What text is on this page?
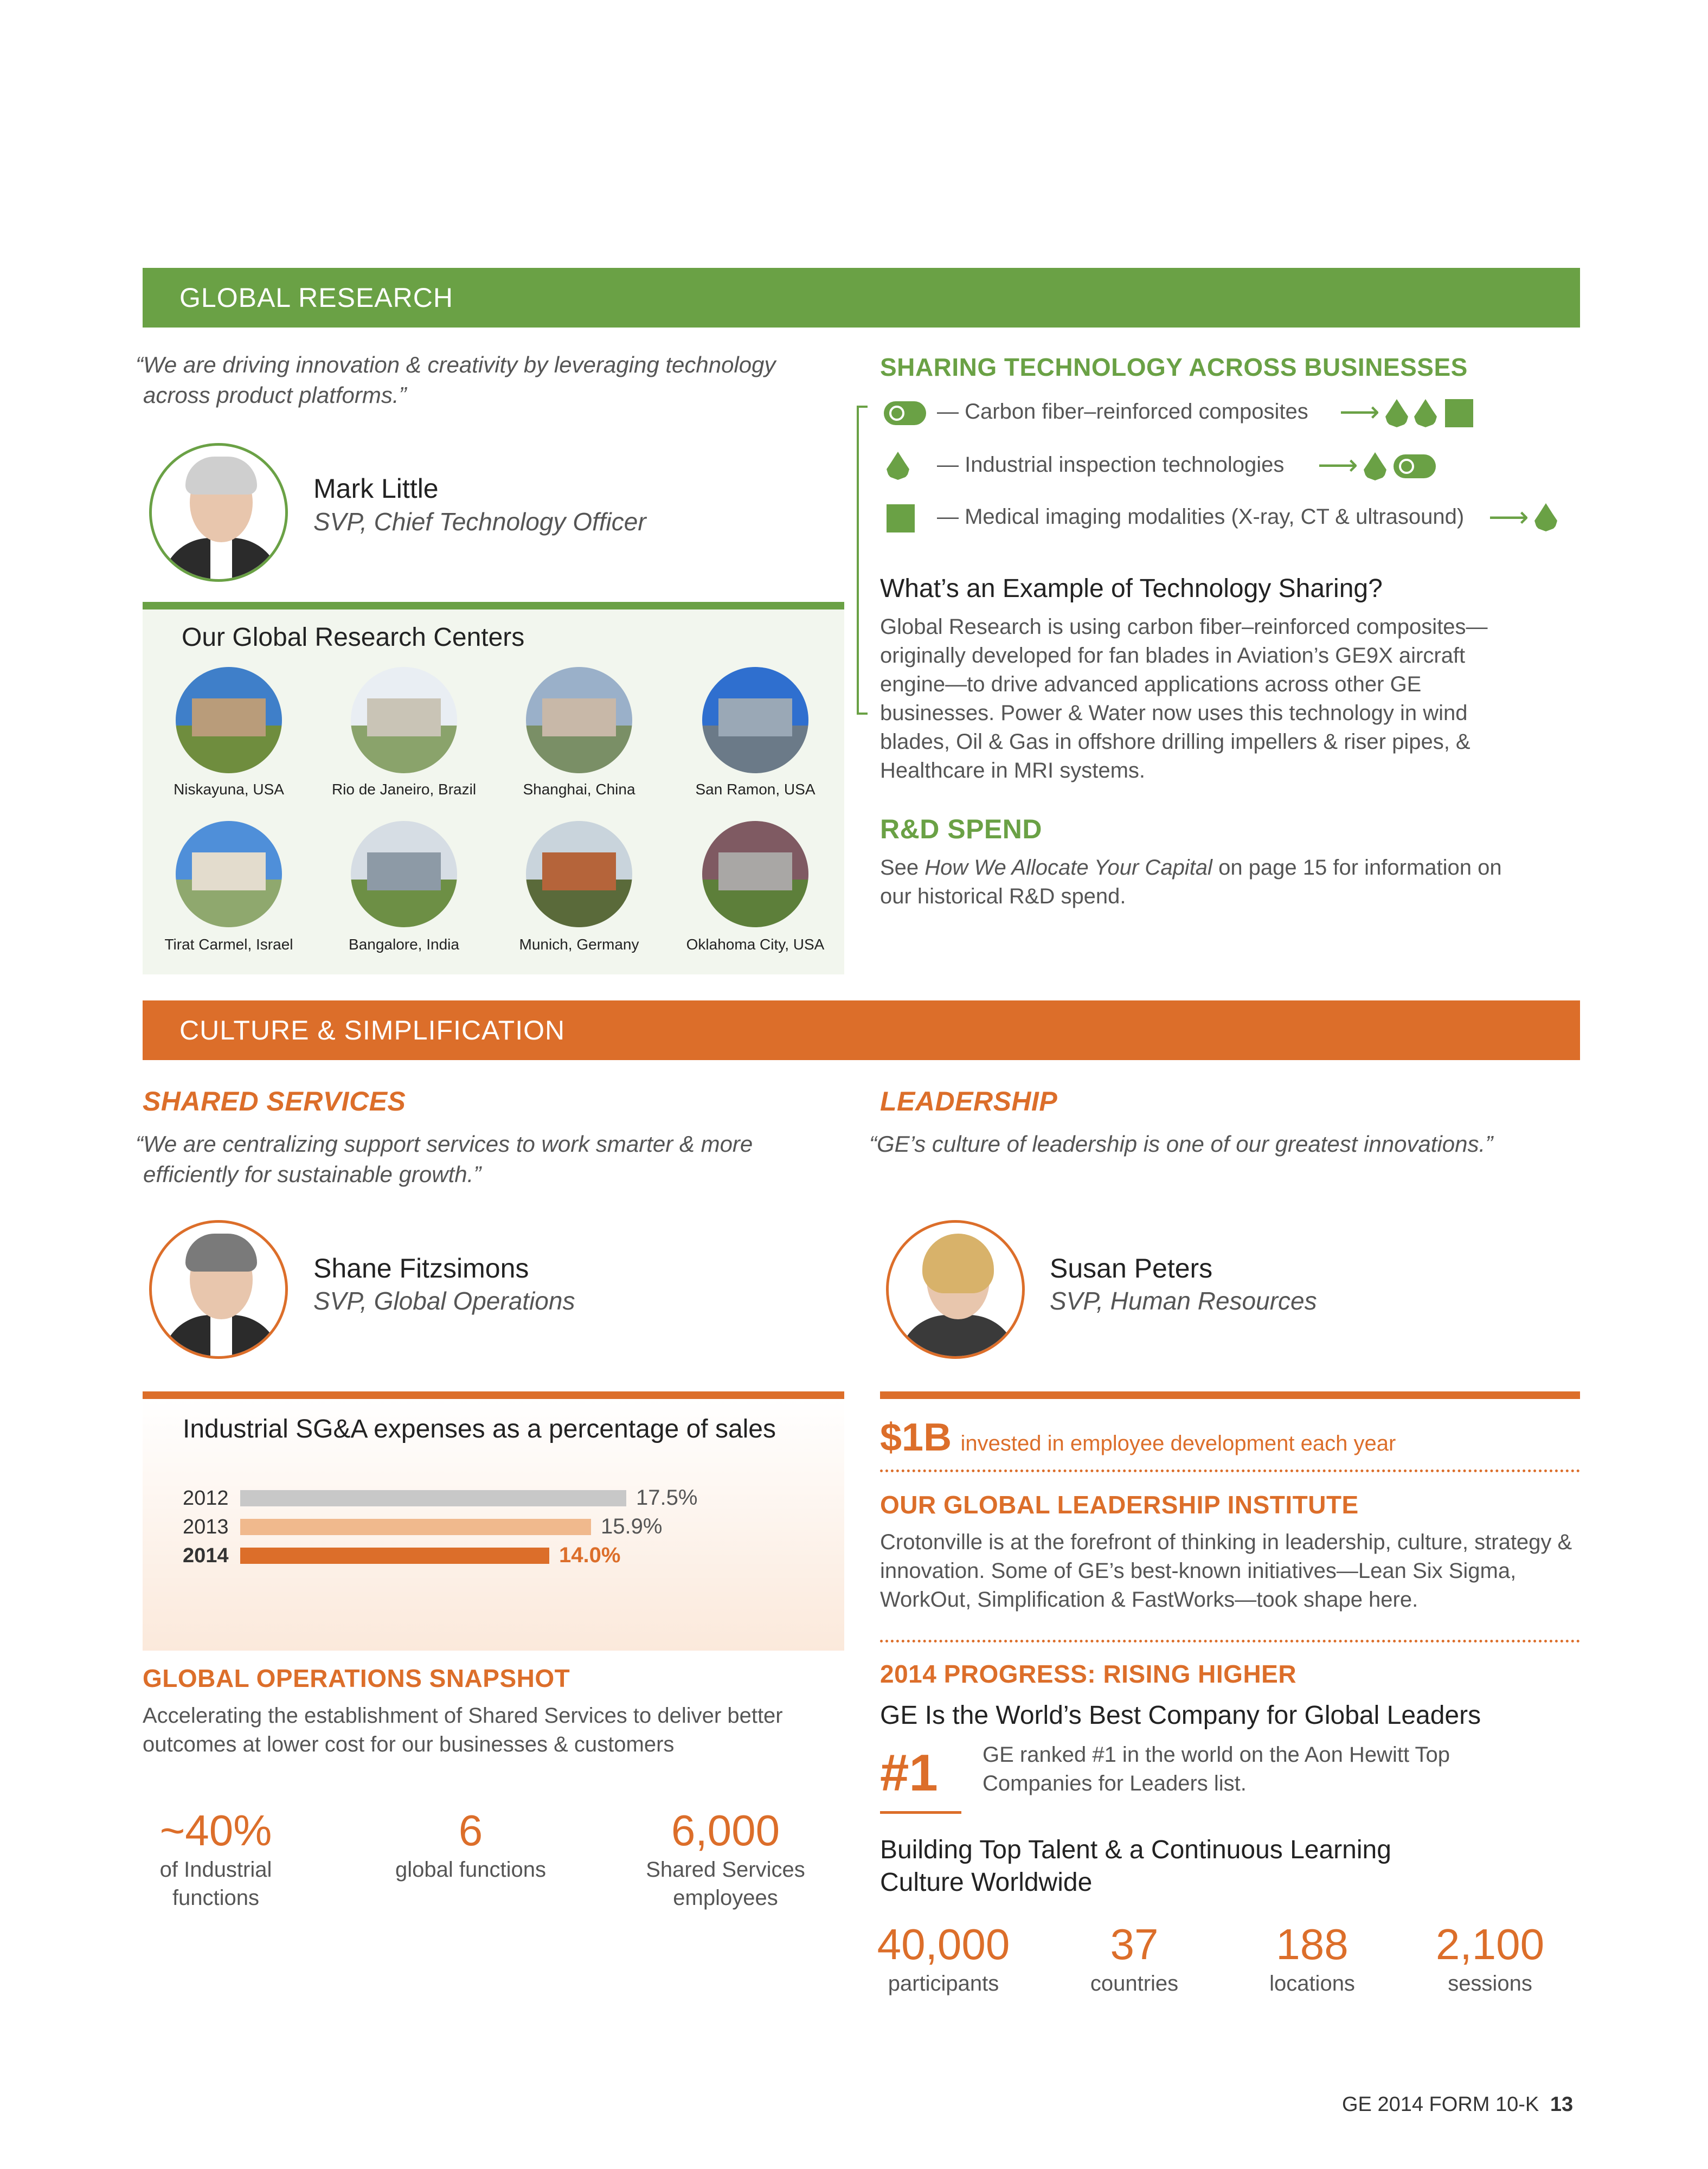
GLOBAL RESEARCH
“We are driving innovation & creativity by leveraging technology across product platforms.”
Mark Little
SVP, Chief Technology Officer
Our Global Research Centers
Niskayuna, USA	Rio de Janeiro, Brazil	Shanghai, China	San Ramon, USA
Tirat Carmel, Israel	Bangalore, India	Munich, Germany	Oklahoma City, USA
SHARING TECHNOLOGY ACROSS BUSINESSES
— Carbon fiber–reinforced composites ⟶
— Industrial inspection technologies ⟶
— Medical imaging modalities (X-ray, CT & ultrasound) ⟶
What’s an Example of Technology Sharing?
Global Research is using carbon fiber–reinforced composites—originally developed for fan blades in Aviation’s GE9X aircraft engine—to drive advanced applications across other GE businesses. Power & Water now uses this technology in wind blades, Oil & Gas in offshore drilling impellers & riser pipes, & Healthcare in MRI systems.
R&D SPEND
See How We Allocate Your Capital on page 15 for information on our historical R&D spend.
CULTURE & SIMPLIFICATION
SHARED SERVICES
“We are centralizing support services to work smarter & more efficiently for sustainable growth.”
Shane Fitzsimons
SVP, Global Operations
Industrial SG&A expenses as a percentage of sales
2012	17.5%
2013	15.9%
2014	14.0%
GLOBAL OPERATIONS SNAPSHOT
Accelerating the establishment of Shared Services to deliver better outcomes at lower cost for our businesses & customers
~40%
of Industrial functions
6
global functions
6,000
Shared Services employees
LEADERSHIP
“GE’s culture of leadership is one of our greatest innovations.”
Susan Peters
SVP, Human Resources
$1B invested in employee development each year
OUR GLOBAL LEADERSHIP INSTITUTE
Crotonville is at the forefront of thinking in leadership, culture, strategy & innovation. Some of GE’s best-known initiatives—Lean Six Sigma, WorkOut, Simplification & FastWorks—took shape here.
2014 PROGRESS: RISING HIGHER
GE Is the World’s Best Company for Global Leaders
#1 GE ranked #1 in the world on the Aon Hewitt Top Companies for Leaders list.
Building Top Talent & a Continuous Learning Culture Worldwide
40,000
participants
37
countries
188
locations
2,100
sessions
GE 2014 FORM 10-K 13
